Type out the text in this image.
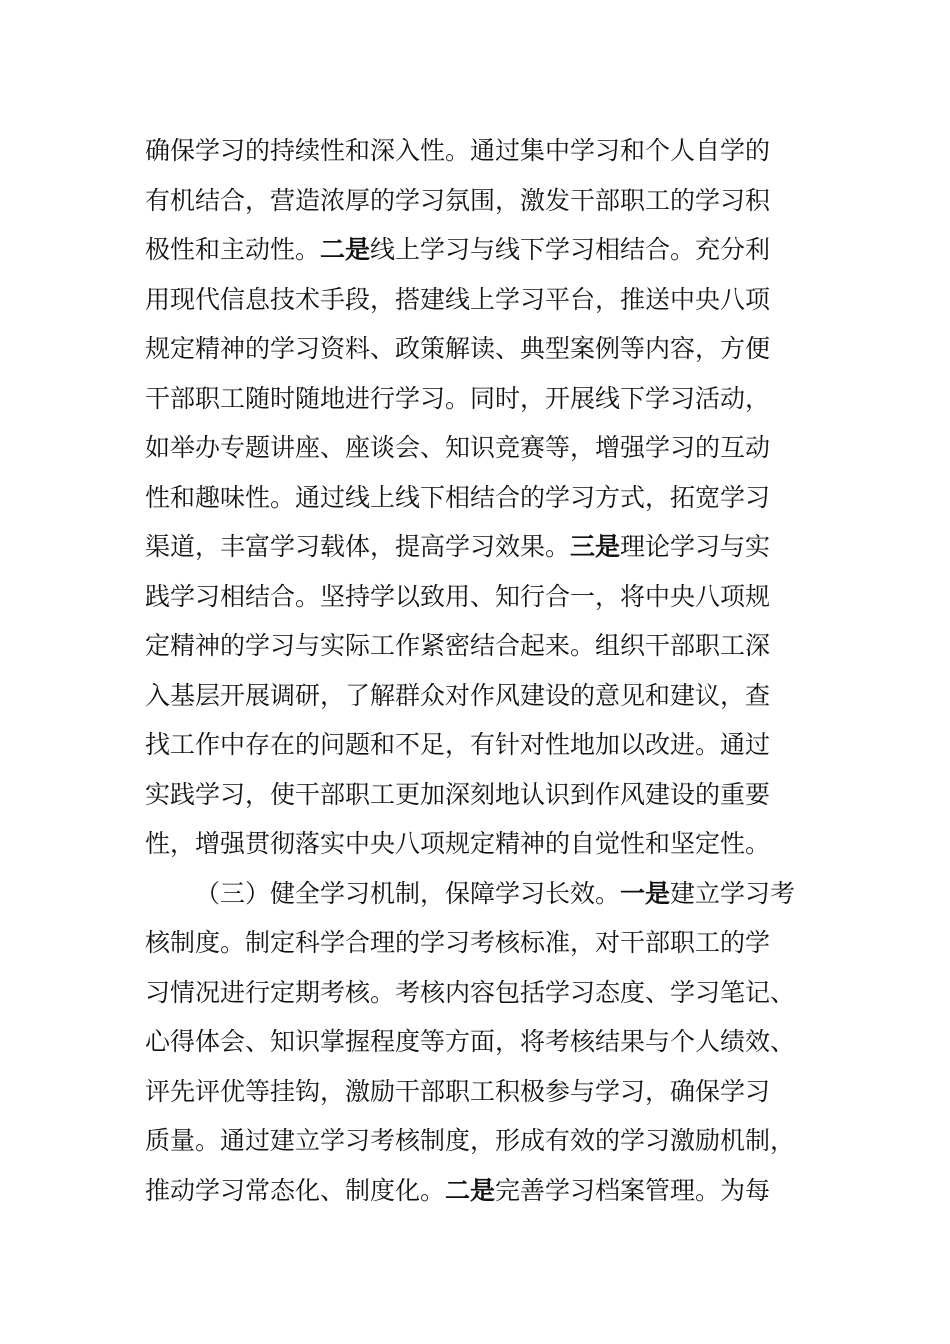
确保学习的持续性和深入性。通过集中学习和个人自学的
有机结合，营造浓厚的学习氛围，激发干部职工的学习积
极性和主动性。二是线上学习与线下学习相结合。充分利
用现代信息技术手段，搭建线上学习平台，推送中央八项
规定精神的学习资料、政策解读、典型案例等内容，方便
干部职工随时随地进行学习。同时，开展线下学习活动，
如举办专题讲座、座谈会、知识竞赛等，增强学习的互动
性和趣味性。通过线上线下相结合的学习方式，拓宽学习
渠道，丰富学习载体，提高学习效果。三是理论学习与实
践学习相结合。坚持学以致用、知行合一，将中央八项规
定精神的学习与实际工作紧密结合起来。组织干部职工深
入基层开展调研，了解群众对作风建设的意见和建议，查
找工作中存在的问题和不足，有针对性地加以改进。通过
实践学习，使干部职工更加深刻地认识到作风建设的重要
性，增强贯彻落实中央八项规定精神的自觉性和坚定性。
（三）健全学习机制，保障学习长效。一是建立学习考
核制度。制定科学合理的学习考核标准，对干部职工的学
习情况进行定期考核。考核内容包括学习态度、学习笔记、
心得体会、知识掌握程度等方面，将考核结果与个人绩效、
评先评优等挂钩，激励干部职工积极参与学习，确保学习
质量。通过建立学习考核制度，形成有效的学习激励机制，
推动学习常态化、制度化。二是完善学习档案管理。为每
